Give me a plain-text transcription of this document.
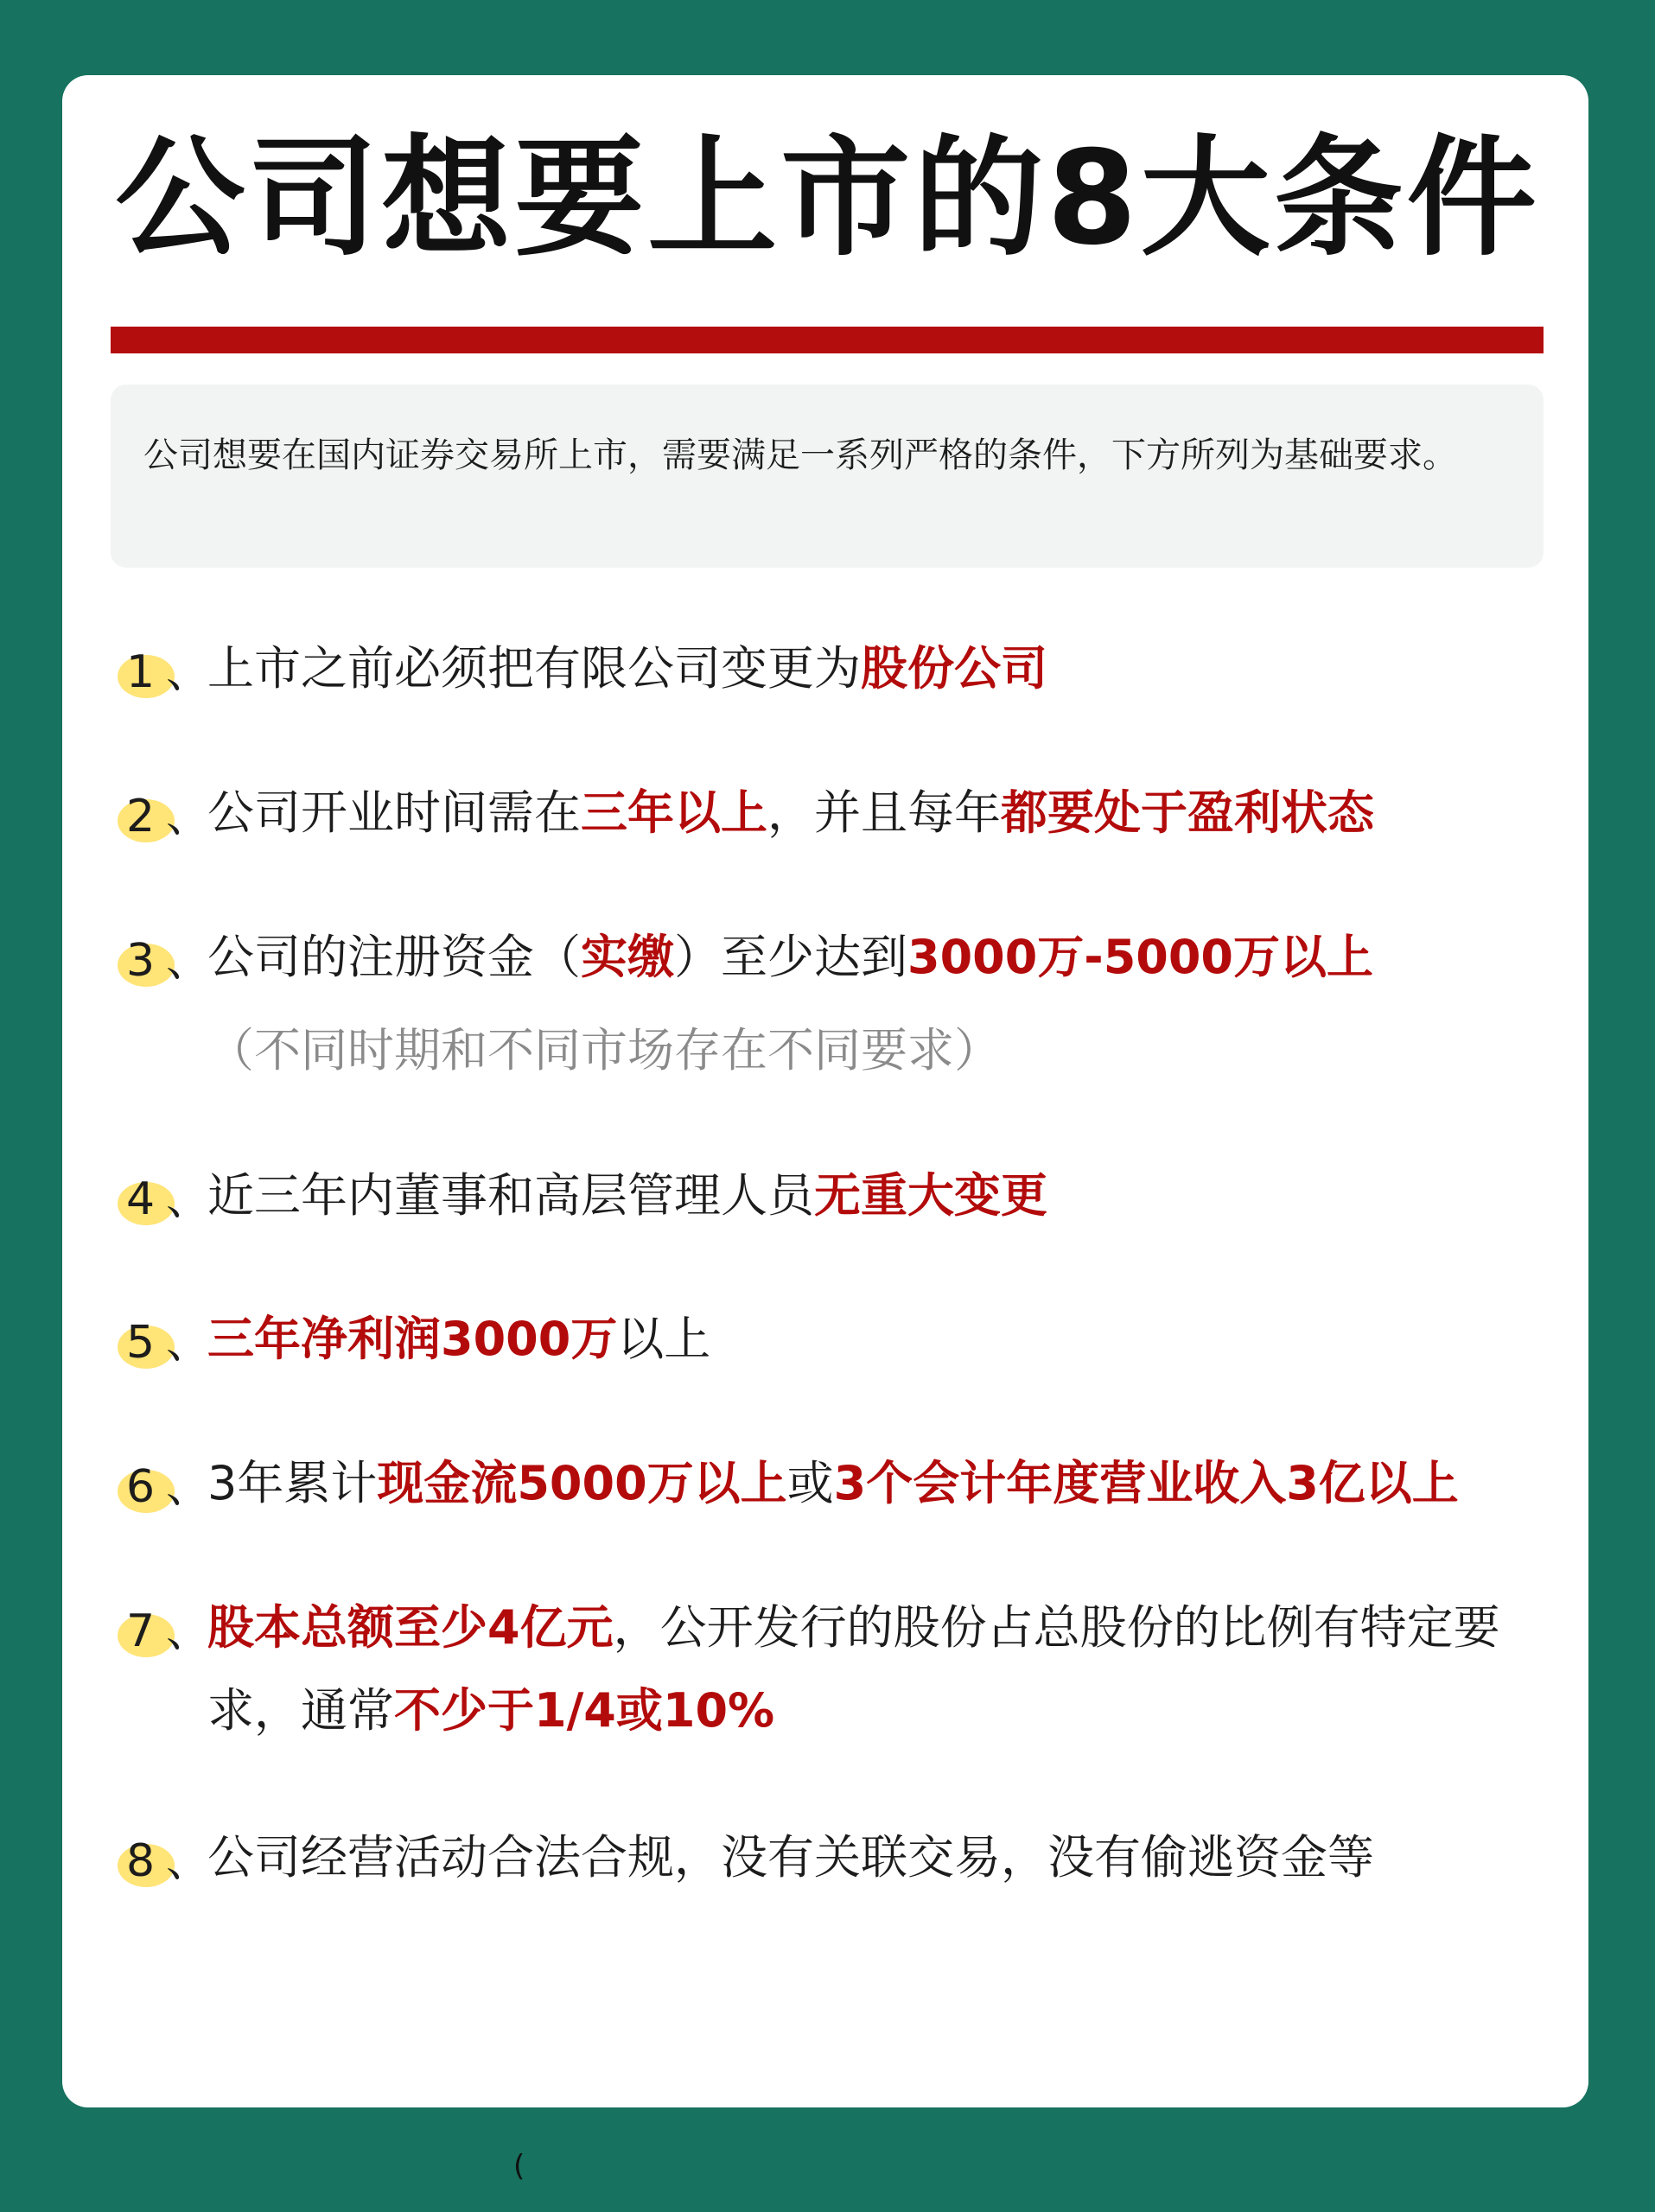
公司想要上市的8大条件
公司想要在国内证券交易所上市，需要满足一系列严格的条件，下方所列为基础要求。
1 、
上市之前必须把有限公司变更为股份公司
2 、
公司开业时间需在三年以上，并且每年都要处于盈利状态
3 、
公司的注册资金（实缴）至少达到3000万-5000万以上
（不同时期和不同市场存在不同要求）
4 、
近三年内董事和高层管理人员无重大变更
5 、
三年净利润3000万以上
6 、
3年累计现金流5000万以上或3个会计年度营业收入3亿以上
7 、
股本总额至少4亿元，公开发行的股份占总股份的比例有特定要求，通常不少于1/4或10%
8 、
公司经营活动合法合规，没有关联交易，没有偷逃资金等
(
